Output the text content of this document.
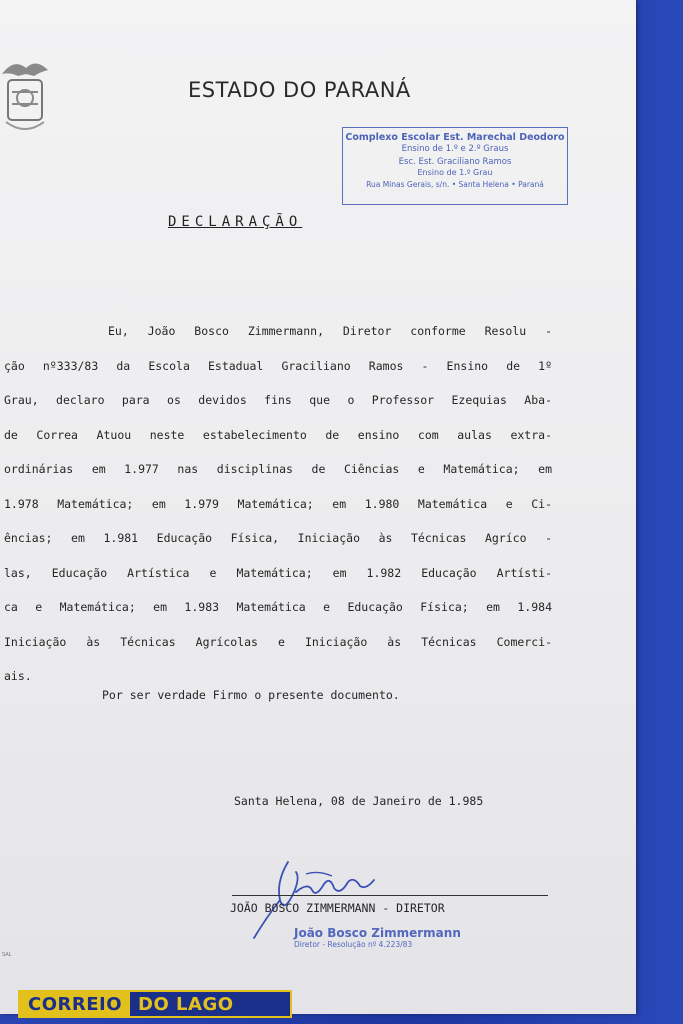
ESTADO DO PARANÁ
Complexo Escolar Est. Marechal Deodoro
Ensino de 1.º e 2.º Graus
Esc. Est. Graciliano Ramos
Ensino de 1.º Grau
Rua Minas Gerais, s/n. • Santa Helena • Paraná
DECLARAÇÃO
Eu, João Bosco Zimmermann, Diretor conforme Resolu -
ção nº333/83 da Escola Estadual Graciliano Ramos - Ensino de 1º
Grau, declaro para os devidos fins que o Professor Ezequias Aba-
de Correa Atuou neste estabelecimento de ensino com aulas extra-
ordinárias em 1.977 nas disciplinas de Ciências e Matemática; em
1.978 Matemática; em 1.979 Matemática; em 1.980 Matemática e Ci-
ências; em 1.981 Educação Física, Iniciação às Técnicas Agríco -
las, Educação Artística e Matemática; em 1.982 Educação Artísti-
ca e Matemática; em 1.983 Matemática e Educação Física; em 1.984
Iniciação às Técnicas Agrícolas e Iniciação às Técnicas Comerci-
ais.
Por ser verdade Firmo o presente documento.
Santa Helena, 08 de Janeiro de 1.985
JOÃO BOSCO ZIMMERMANN - DIRETOR
João Bosco Zimmermann
Diretor - Resolução nº 4.223/83
SAL
CORREIO DO LAGO
